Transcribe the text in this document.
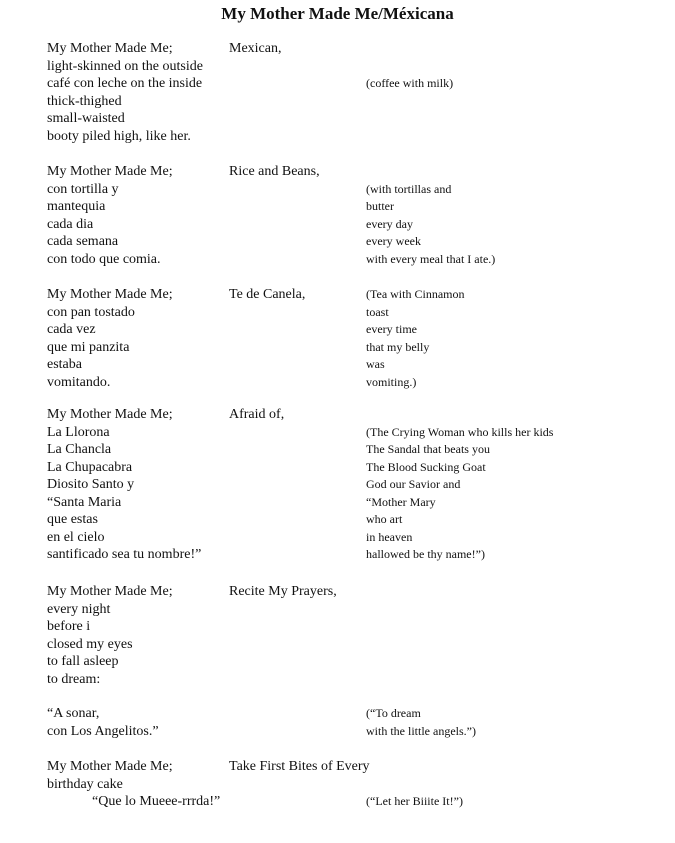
My Mother Made Me/Méxicana
My Mother Made Me;	Mexican,
light-skinned on the outside
café con leche on the inside	(coffee with milk)
thick-thighed
small-waisted
booty piled high, like her.
My Mother Made Me;	Rice and Beans,
con tortilla y	(with tortillas and
mantequia	butter
cada dia	every day
cada semana	every week
con todo que comia.	with every meal that I ate.)
My Mother Made Me;	Te de Canela,	(Tea with Cinnamon
con pan tostado	toast
cada vez	every time
que mi panzita	that my belly
estaba	was
vomitando.	vomiting.)
My Mother Made Me;	Afraid of,
La Llorona	(The Crying Woman who kills her kids
La Chancla	The Sandal that beats you
La Chupacabra	The Blood Sucking Goat
Diosito Santo y	God our Savior and
“Santa Maria	“Mother Mary
que estas	who art
en el cielo	in heaven
santificado sea tu nombre!”	hallowed be thy name!”)
My Mother Made Me;	Recite My Prayers,
every night
before i
closed my eyes
to fall asleep
to dream:
“A sonar,	(“To dream
con Los Angelitos.”	with the little angels.”)
My Mother Made Me;	Take First Bites of Every
birthday cake
“Que lo Mueee-rrrda!”	(“Let her Biiite It!”)
